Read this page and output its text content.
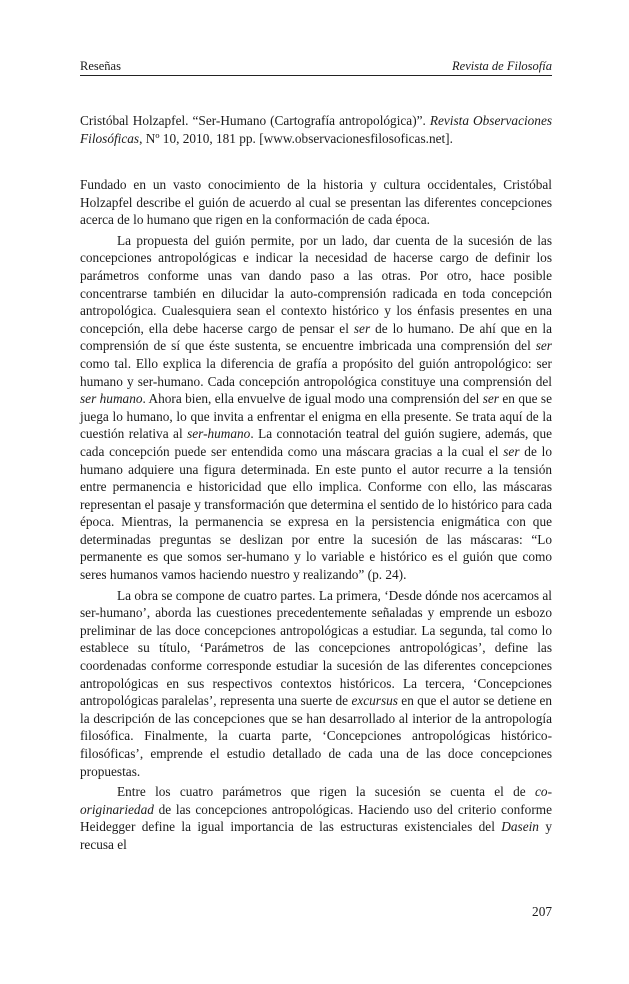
Reseñas	Revista de Filosofía
Cristóbal Holzapfel. “Ser-Humano (Cartografía antropológica)”. Revista Observaciones Filosóficas, Nº 10, 2010, 181 pp. [www.observacionesfilosoficas.net].

Fundado en un vasto conocimiento de la historia y cultura occidentales, Cristóbal Holzapfel describe el guión de acuerdo al cual se presentan las diferentes concepciones acerca de lo humano que rigen en la conformación de cada época.

La propuesta del guión permite, por un lado, dar cuenta de la sucesión de las concepciones antropológicas e indicar la necesidad de hacerse cargo de definir los parámetros conforme unas van dando paso a las otras. Por otro, hace posible concentrarse también en dilucidar la auto-comprensión radicada en toda concepción antropológica. Cualesquiera sean el contexto histórico y los énfasis presentes en una concepción, ella debe hacerse cargo de pensar el ser de lo humano. De ahí que en la comprensión de sí que éste sustenta, se encuentre imbricada una comprensión del ser como tal. Ello explica la diferencia de grafía a propósito del guión antropológico: ser humano y ser-humano. Cada concepción antropológica constituye una comprensión del ser humano. Ahora bien, ella envuelve de igual modo una comprensión del ser en que se juega lo humano, lo que invita a enfrentar el enigma en ella presente. Se trata aquí de la cuestión relativa al ser-humano. La connotación teatral del guión sugiere, además, que cada concepción puede ser entendida como una máscara gracias a la cual el ser de lo humano adquiere una figura determinada. En este punto el autor recurre a la tensión entre permanencia e historicidad que ello implica. Conforme con ello, las máscaras representan el pasaje y transformación que determina el sentido de lo histórico para cada época. Mientras, la permanencia se expresa en la persistencia enigmática con que determinadas preguntas se deslizan por entre la sucesión de las máscaras: “Lo permanente es que somos ser-humano y lo variable e histórico es el guión que como seres humanos vamos haciendo nuestro y realizando” (p. 24).

La obra se compone de cuatro partes. La primera, ‘Desde dónde nos acercamos al ser-humano’, aborda las cuestiones precedentemente señaladas y emprende un esbozo preliminar de las doce concepciones antropológicas a estudiar. La segunda, tal como lo establece su título, ‘Parámetros de las concepciones antropológicas’, define las coordenadas conforme corresponde estudiar la sucesión de las diferentes concepciones antropológicas en sus respectivos contextos históricos. La tercera, ‘Concepciones antropológicas paralelas’, representa una suerte de excursus en que el autor se detiene en la descripción de las concepciones que se han desarrollado al interior de la antropología filosófica. Finalmente, la cuarta parte, ‘Concepciones antropológicas histórico-filosóficas’, emprende el estudio detallado de cada una de las doce concepciones propuestas.

Entre los cuatro parámetros que rigen la sucesión se cuenta el de co-originariedad de las concepciones antropológicas. Haciendo uso del criterio conforme Heidegger define la igual importancia de las estructuras existenciales del Dasein y recusa el

207
